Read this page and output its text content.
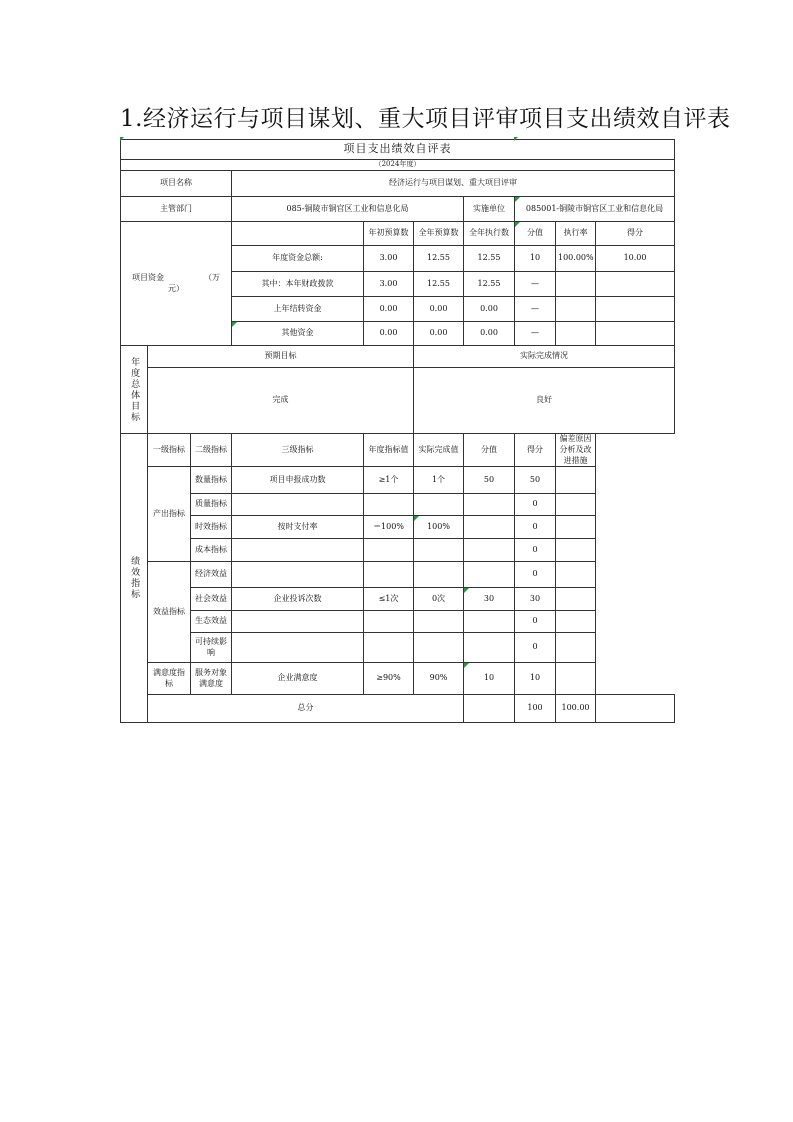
1.经济运行与项目谋划、重大项目评审项目支出绩效自评表
项目支出绩效自评表									
（2024年度）									
项目名称			经济运行与项目谋划、重大项目评审						
主管部门			085-铜陵市铜官区工业和信息化局			实施单位	085001-铜陵市铜官区工业和信息化局		
项目资金 （万
元）				年初预算数	全年预算数	全年执行数	分值	执行率	得分
			年度资金总额:	3.00	12.55	12.55	10	100.00%	10.00
			其中：本年财政拨款	3.00	12.55	12.55	—		
			上年结转资金	0.00	0.00	0.00	—		
			其他资金	0.00	0.00	0.00	—		
年度总体目标	预期目标				实际完成情况				
	完成				良好				
绩效指标	一级指标	二级指标	三级指标	年度指标值	实际完成值	分值	得分	偏差原因分析及改进措施	
	产出指标	数量指标	项目申报成功数	≥1个	1个	50	50		
		质量指标					0		
		时效指标	按时支付率	＝100%	100%		0		
		成本指标					0		
	效益指标	经济效益					0		
		社会效益	企业投诉次数	≤1次	0次	30	30		
		生态效益					0		
		可持续影响					0		
	满意度指标	服务对象满意度	企业满意度	≥90%	90%	10	10		
	总分						100	100.00	
